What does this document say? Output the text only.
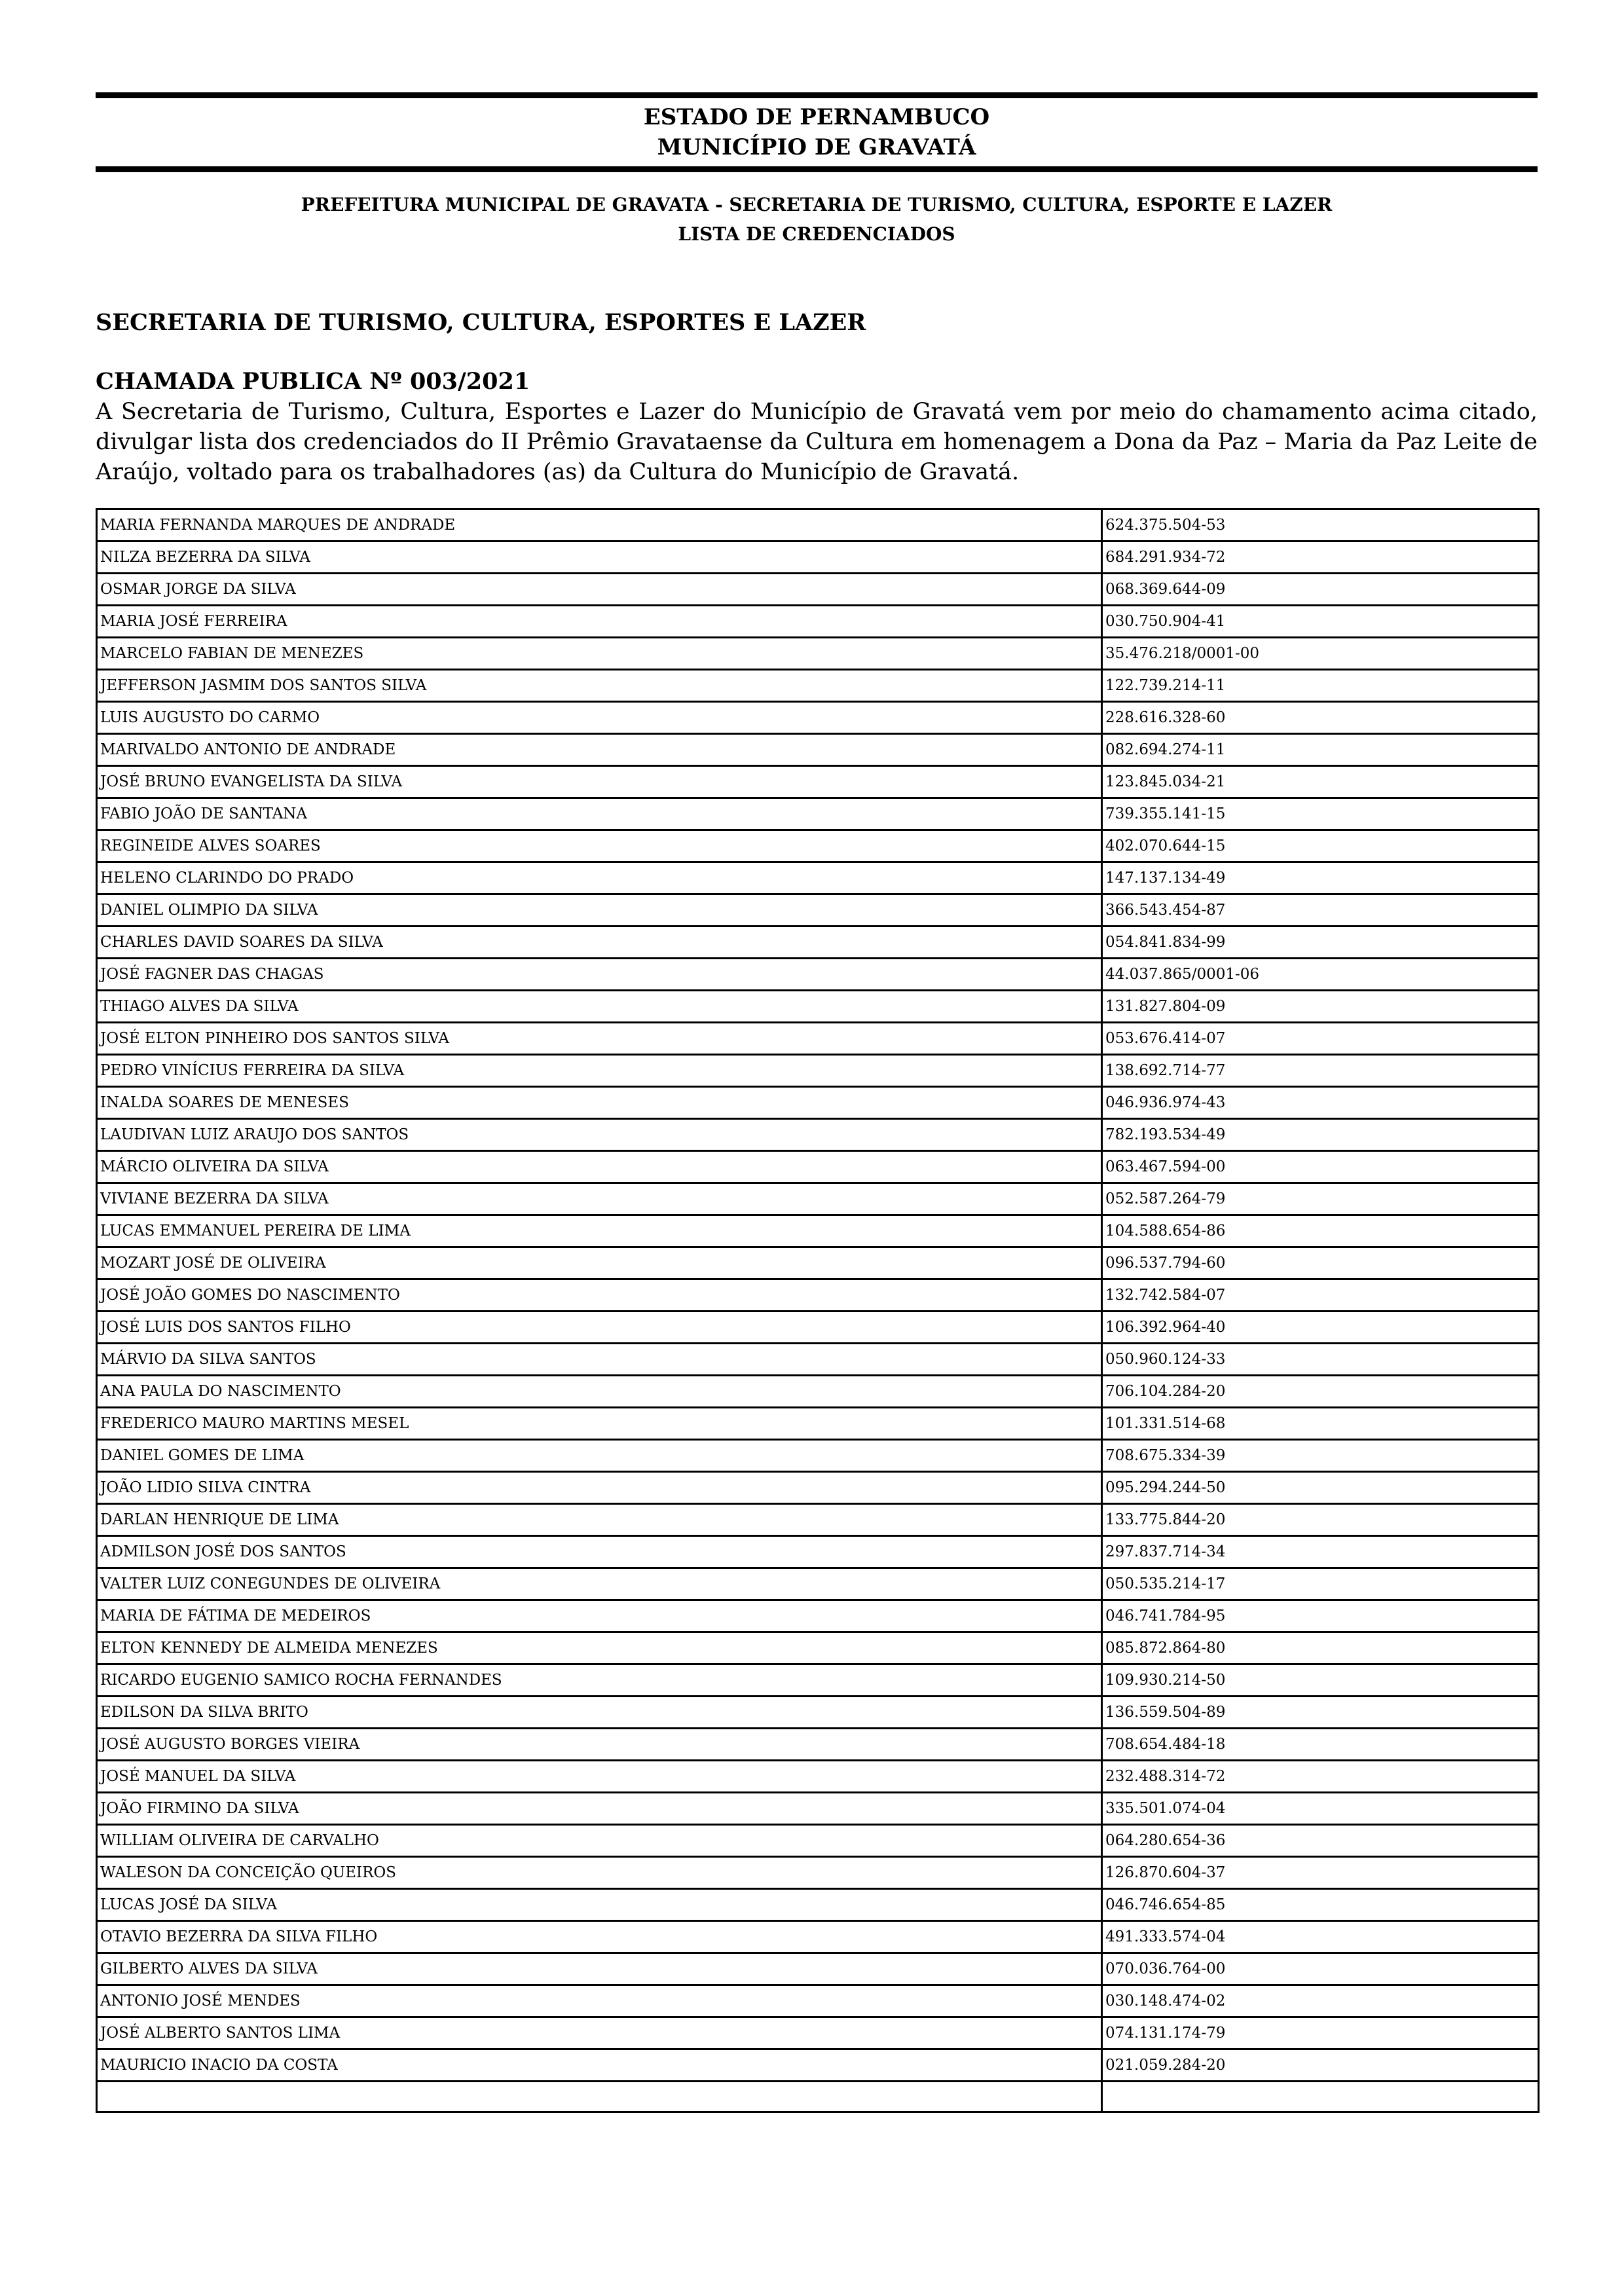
ESTADO DE PERNAMBUCO
MUNICÍPIO DE GRAVATÁ
PREFEITURA MUNICIPAL DE GRAVATA - SECRETARIA DE TURISMO, CULTURA, ESPORTE E LAZER
LISTA DE CREDENCIADOS
SECRETARIA DE TURISMO, CULTURA, ESPORTES E LAZER
CHAMADA PUBLICA Nº 003/2021

A Secretaria de Turismo, Cultura, Esportes e Lazer do Município de Gravatá vem por meio do chamamento acima citado, divulgar lista dos credenciados do II Prêmio Gravataense da Cultura em homenagem a Dona da Paz – Maria da Paz Leite de Araújo, voltado para os trabalhadores (as) da Cultura do Município de Gravatá.

MARIA FERNANDA MARQUES DE ANDRADE	624.375.504-53
NILZA BEZERRA DA SILVA	684.291.934-72
OSMAR JORGE DA SILVA	068.369.644-09
MARIA JOSÉ FERREIRA	030.750.904-41
MARCELO FABIAN DE MENEZES	35.476.218/0001-00
JEFFERSON JASMIM DOS SANTOS SILVA	122.739.214-11
LUIS AUGUSTO DO CARMO	228.616.328-60
MARIVALDO ANTONIO DE ANDRADE	082.694.274-11
JOSÉ BRUNO EVANGELISTA DA SILVA	123.845.034-21
FABIO JOÃO DE SANTANA	739.355.141-15
REGINEIDE ALVES SOARES	402.070.644-15
HELENO CLARINDO DO PRADO	147.137.134-49
DANIEL OLIMPIO DA SILVA	366.543.454-87
CHARLES DAVID SOARES DA SILVA	054.841.834-99
JOSÉ FAGNER DAS CHAGAS	44.037.865/0001-06
THIAGO ALVES DA SILVA	131.827.804-09
JOSÉ ELTON PINHEIRO DOS SANTOS SILVA	053.676.414-07
PEDRO VINÍCIUS FERREIRA DA SILVA	138.692.714-77
INALDA SOARES DE MENESES	046.936.974-43
LAUDIVAN LUIZ ARAUJO DOS SANTOS	782.193.534-49
MÁRCIO OLIVEIRA DA SILVA	063.467.594-00
VIVIANE BEZERRA DA SILVA	052.587.264-79
LUCAS EMMANUEL PEREIRA DE LIMA	104.588.654-86
MOZART JOSÉ DE OLIVEIRA	096.537.794-60
JOSÉ JOÃO GOMES DO NASCIMENTO	132.742.584-07
JOSÉ LUIS DOS SANTOS FILHO	106.392.964-40
MÁRVIO DA SILVA SANTOS	050.960.124-33
ANA PAULA DO NASCIMENTO	706.104.284-20
FREDERICO MAURO MARTINS MESEL	101.331.514-68
DANIEL GOMES DE LIMA	708.675.334-39
JOÃO LIDIO SILVA CINTRA	095.294.244-50
DARLAN HENRIQUE DE LIMA	133.775.844-20
ADMILSON JOSÉ DOS SANTOS	297.837.714-34
VALTER LUIZ CONEGUNDES DE OLIVEIRA	050.535.214-17
MARIA DE FÁTIMA DE MEDEIROS	046.741.784-95
ELTON KENNEDY DE ALMEIDA MENEZES	085.872.864-80
RICARDO EUGENIO SAMICO ROCHA FERNANDES	109.930.214-50
EDILSON DA SILVA BRITO	136.559.504-89
JOSÉ AUGUSTO BORGES VIEIRA	708.654.484-18
JOSÉ MANUEL DA SILVA	232.488.314-72
JOÃO FIRMINO DA SILVA	335.501.074-04
WILLIAM OLIVEIRA DE CARVALHO	064.280.654-36
WALESON DA CONCEIÇÃO QUEIROS	126.870.604-37
LUCAS JOSÉ DA SILVA	046.746.654-85
OTAVIO BEZERRA DA SILVA FILHO	491.333.574-04
GILBERTO ALVES DA SILVA	070.036.764-00
ANTONIO JOSÉ MENDES	030.148.474-02
JOSÉ ALBERTO SANTOS LIMA	074.131.174-79
MAURICIO INACIO DA COSTA	021.059.284-20
